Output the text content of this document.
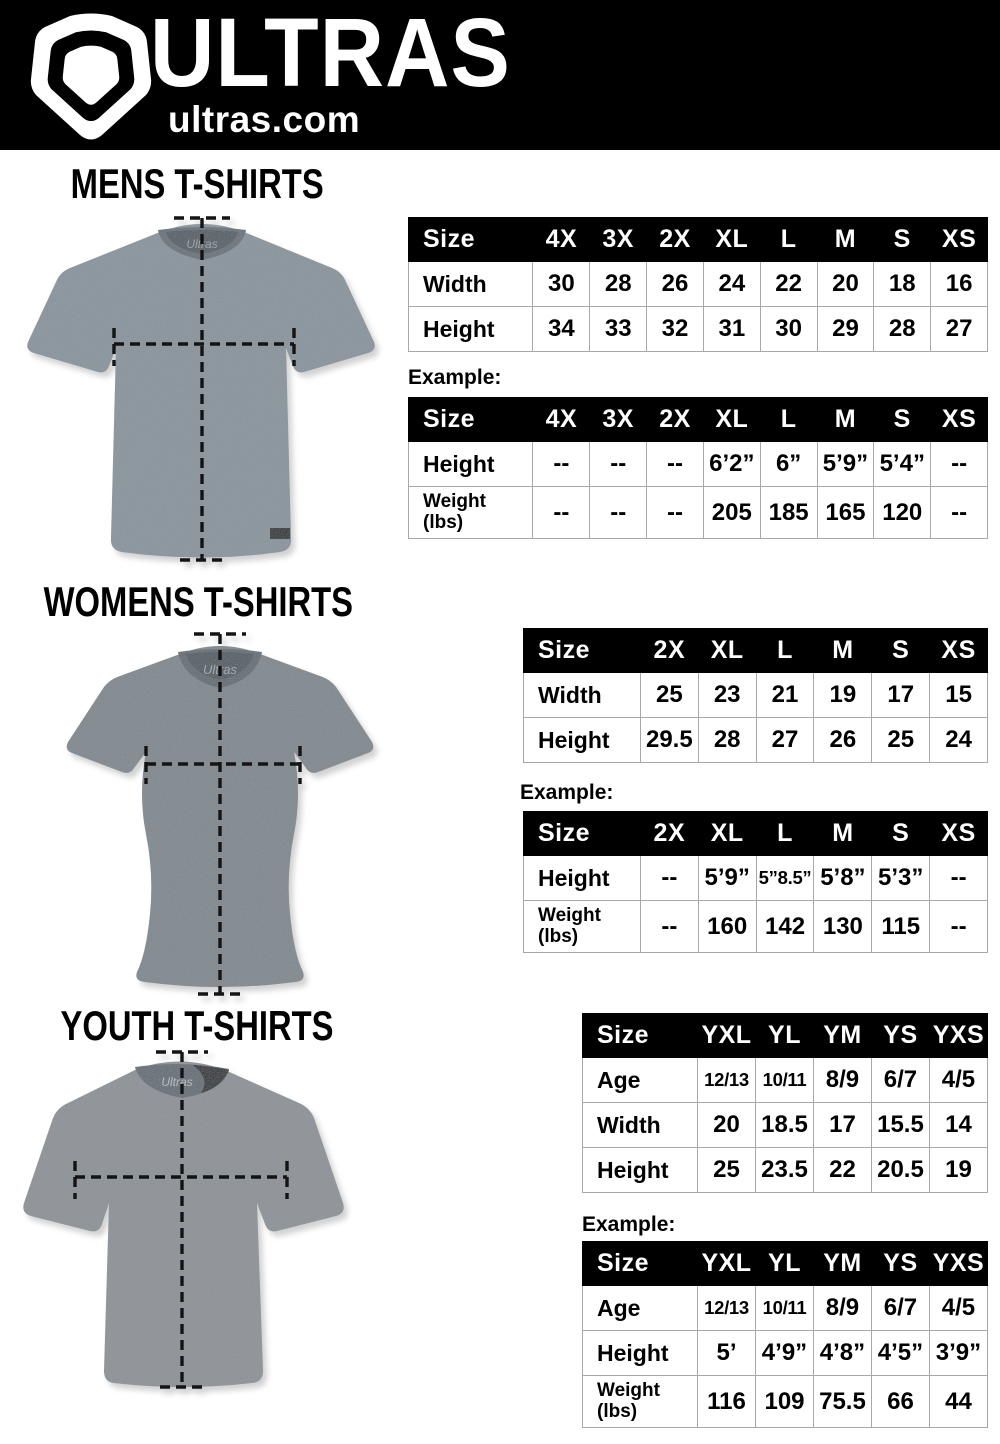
ULTRAS
ultras.com
MENS T-SHIRTS
Ultras	Size	4X	3X	2X	XL	L	M	S	XS
Width	30	28	26	24	22	20	18	16
Height	34	33	32	31	30	29	28	27
Example:
Size	4X	3X	2X	XL	L	M	S	XS
Height	--	--	--	6’2”	6”	5’9”	5’4”	--
Weight
(lbs)	--	--	--	205	185	165	120	--
WOMENS T-SHIRTS
Ultras
Size	2X	XL	L	M	S	XS
Width	25	23	21	19	17	15
Height	29.5	28	27	26	25	24
Example:
Size	2X	XL	L	M	S	XS
Height	--	5’9”	5”8.5”	5’8”	5’3”	--
Weight
(lbs)	--	160	142	130	115	--
YOUTH T-SHIRTS
Ultras
Size	YXL	YL	YM	YS	YXS
Age	12/13	10/11	8/9	6/7	4/5
Width	20	18.5	17	15.5	14
Height	25	23.5	22	20.5	19
Example:
Size	YXL	YL	YM	YS	YXS
Age	12/13	10/11	8/9	6/7	4/5
Height	5’	4’9”	4’8”	4’5”	3’9”
Weight
(lbs)	116	109	75.5	66	44
